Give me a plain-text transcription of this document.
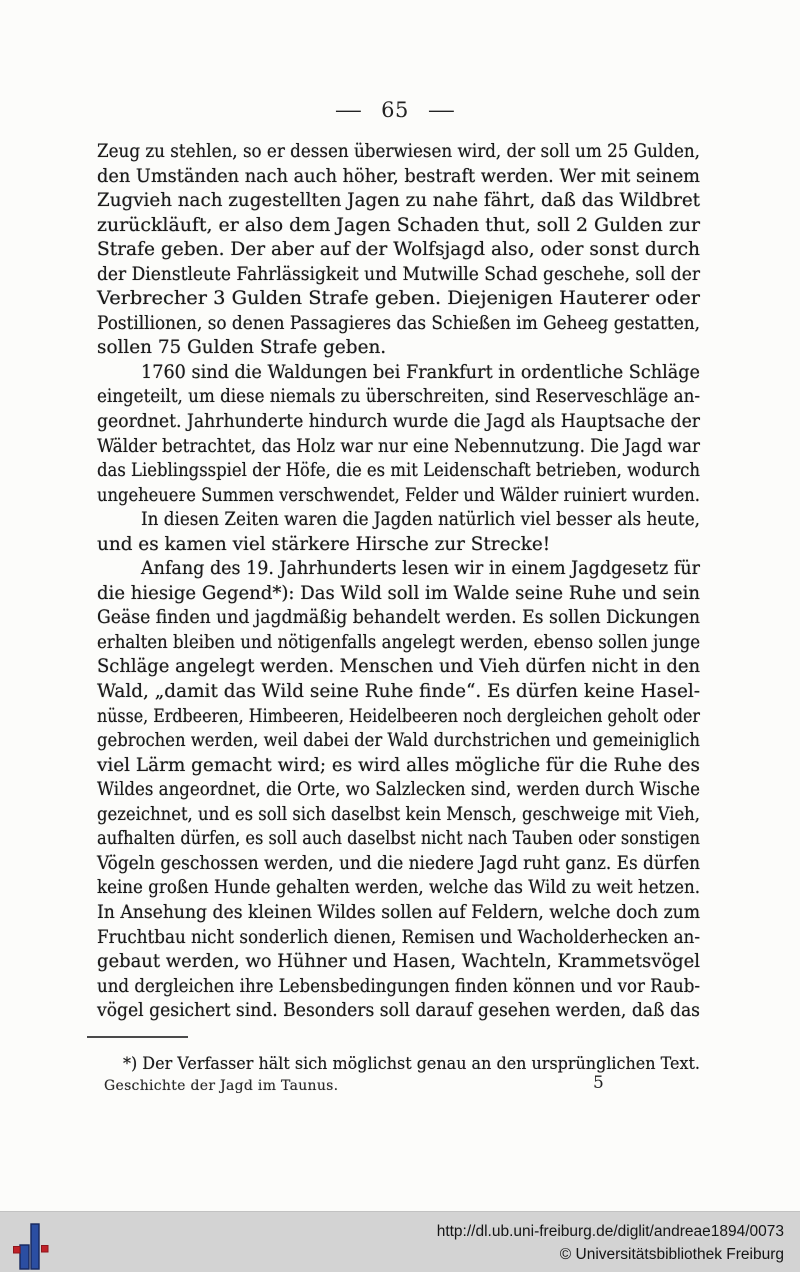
— 65 —
Zeug zu stehlen, so er dessen überwiesen wird, der soll um 25 Gulden,
den Umständen nach auch höher, bestraft werden. Wer mit seinem
Zugvieh nach zugestellten Jagen zu nahe fährt, daß das Wildbret
zurückläuft, er also dem Jagen Schaden thut, soll 2 Gulden zur
Strafe geben. Der aber auf der Wolfsjagd also, oder sonst durch
der Dienstleute Fahrlässigkeit und Mutwille Schad geschehe, soll der
Verbrecher 3 Gulden Strafe geben. Diejenigen Hauterer oder
Postillionen, so denen Passagieres das Schießen im Geheeg gestatten,
sollen 75 Gulden Strafe geben.
1760 sind die Waldungen bei Frankfurt in ordentliche Schläge
eingeteilt, um diese niemals zu überschreiten, sind Reserveschläge an-
geordnet. Jahrhunderte hindurch wurde die Jagd als Hauptsache der
Wälder betrachtet, das Holz war nur eine Nebennutzung. Die Jagd war
das Lieblingsspiel der Höfe, die es mit Leidenschaft betrieben, wodurch
ungeheuere Summen verschwendet, Felder und Wälder ruiniert wurden.
In diesen Zeiten waren die Jagden natürlich viel besser als heute,
und es kamen viel stärkere Hirsche zur Strecke!
Anfang des 19. Jahrhunderts lesen wir in einem Jagdgesetz für
die hiesige Gegend*): Das Wild soll im Walde seine Ruhe und sein
Geäse finden und jagdmäßig behandelt werden. Es sollen Dickungen
erhalten bleiben und nötigenfalls angelegt werden, ebenso sollen junge
Schläge angelegt werden. Menschen und Vieh dürfen nicht in den
Wald, „damit das Wild seine Ruhe finde“. Es dürfen keine Hasel-
nüsse, Erdbeeren, Himbeeren, Heidelbeeren noch dergleichen geholt oder
gebrochen werden, weil dabei der Wald durchstrichen und gemeiniglich
viel Lärm gemacht wird; es wird alles mögliche für die Ruhe des
Wildes angeordnet, die Orte, wo Salzlecken sind, werden durch Wische
gezeichnet, und es soll sich daselbst kein Mensch, geschweige mit Vieh,
aufhalten dürfen, es soll auch daselbst nicht nach Tauben oder sonstigen
Vögeln geschossen werden, und die niedere Jagd ruht ganz. Es dürfen
keine großen Hunde gehalten werden, welche das Wild zu weit hetzen.
In Ansehung des kleinen Wildes sollen auf Feldern, welche doch zum
Fruchtbau nicht sonderlich dienen, Remisen und Wacholderhecken an-
gebaut werden, wo Hühner und Hasen, Wachteln, Krammetsvögel
und dergleichen ihre Lebensbedingungen finden können und vor Raub-
vögel gesichert sind. Besonders soll darauf gesehen werden, daß das
*) Der Verfasser hält sich möglichst genau an den ursprünglichen Text.
Geschichte der Jagd im Taunus.	5
http://dl.ub.uni-freiburg.de/diglit/andreae1894/0073
© Universitätsbibliothek Freiburg
